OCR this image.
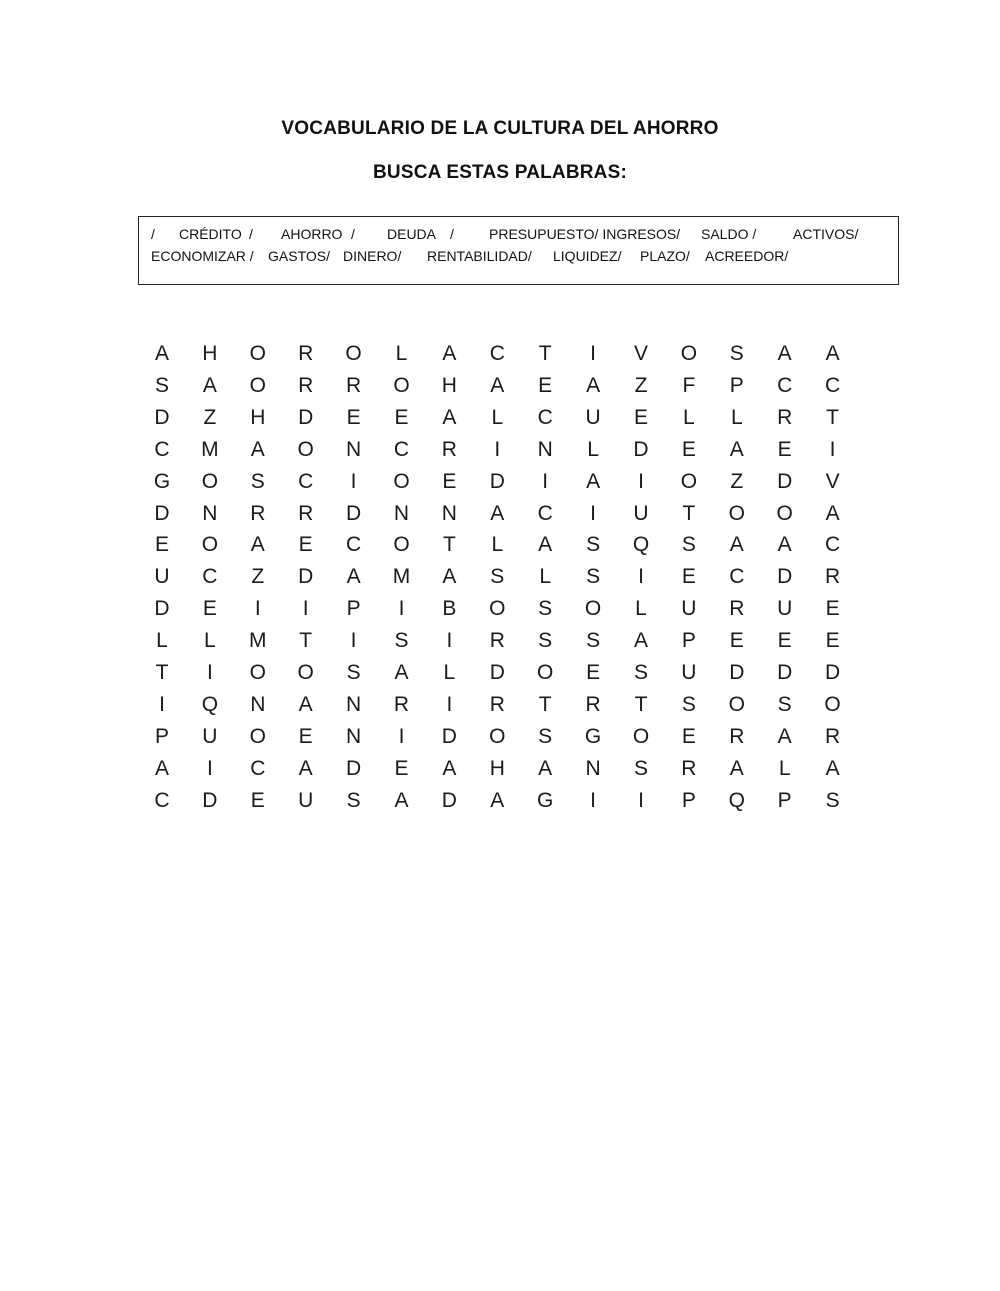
VOCABULARIO DE LA CULTURA DEL AHORRO
BUSCA ESTAS PALABRAS:
/ CRÉDITO / AHORRO / DEUDA /	PRESUPUESTO/ INGRESOS/ SALDO /	ACTIVOS/
ECONOMIZAR / GASTOS/ DINERO/ RENTABILIDAD/ LIQUIDEZ/ PLAZO/ ACREEDOR/
A	H	O	R	O	L	A	C	T	I	V	O	S	A	A
S	A	O	R	R	O	H	A	E	A	Z	F	P	C	C
D	Z	H	D	E	E	A	L	C	U	E	L	L	R	T
C	M	A	O	N	C	R	I	N	L	D	E	A	E	I
G	O	S	C	I	O	E	D	I	A	I	O	Z	D	V
D	N	R	R	D	N	N	A	C	I	U	T	O	O	A
E	O	A	E	C	O	T	L	A	S	Q	S	A	A	C
U	C	Z	D	A	M	A	S	L	S	I	E	C	D	R
D	E	I	I	P	I	B	O	S	O	L	U	R	U	E
L	L	M	T	I	S	I	R	S	S	A	P	E	E	E
T	I	O	O	S	A	L	D	O	E	S	U	D	D	D
I	Q	N	A	N	R	I	R	T	R	T	S	O	S	O
P	U	O	E	N	I	D	O	S	G	O	E	R	A	R
A	I	C	A	D	E	A	H	A	N	S	R	A	L	A
C	D	E	U	S	A	D	A	G	I	I	P	Q	P	S
